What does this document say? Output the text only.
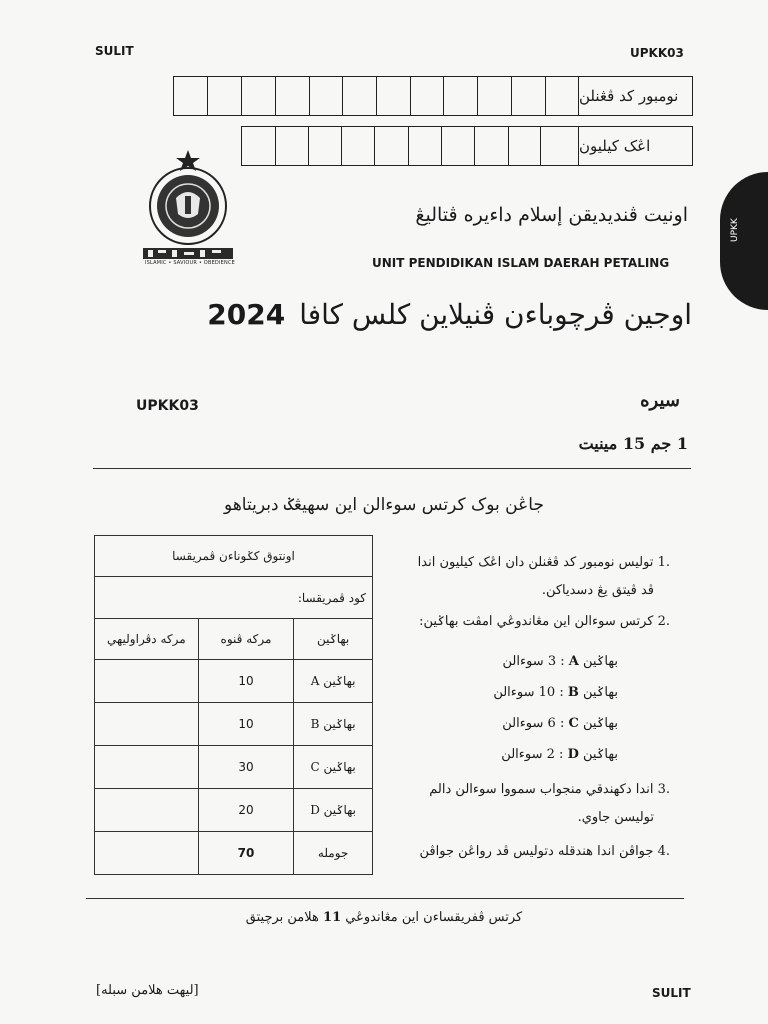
SULIT	UPKK03
نومبور كد ڤڠنلن
اڠک کيليون
ISLAMIC • SAVIOUR • OBEDIENCE
اونيت ڤنديديقن إسلام داءيره ڤتاليڠ
UNIT PENDIDIKAN ISLAM DAERAH PETALING
UPKK
2024 اوجين ڤرچوباءن ڤنيلاين کلس کافا
UPKK03	سيره
1 جم 15 مينيت
جاڠن بوک کرتس سوءالن اين سهيڠݢ دبريتاهو
اونتوق کݢوناءن ڤمريقسا		
كود ڤمريقسا:		
مرکه دڤراوليهي	مرکه ڤنوه	بهاݢين
	10	بهاݢين A
	10	بهاݢين B
	30	بهاݢين C
	20	بهاݢين D
	70	جوملە
.1 توليس نومبور كد ڤڠنلن دان اڠک کيليون اندا
ڤد ڤيتق يڠ دسدياکن.
.2 کرتس سوءالن اين مڠاندوڠي امڤت بهاݢين:
بهاݢين A : 3 سوءالن
بهاݢين B : 10 سوءالن
بهاݢين C : 6 سوءالن
بهاݢين D : 2 سوءالن
.3 اندا دکهندقي منجواب سمووا سوءالن دالم
توليسن جاوي.
.4 جواڤن اندا هندقله دتوليس ڤد رواڠن جواڤن
کرتس ڤفريقساءن اين مڠاندوڠي 11 هلامن برچيتق
[ليهت هلامن سبله]	SULIT
